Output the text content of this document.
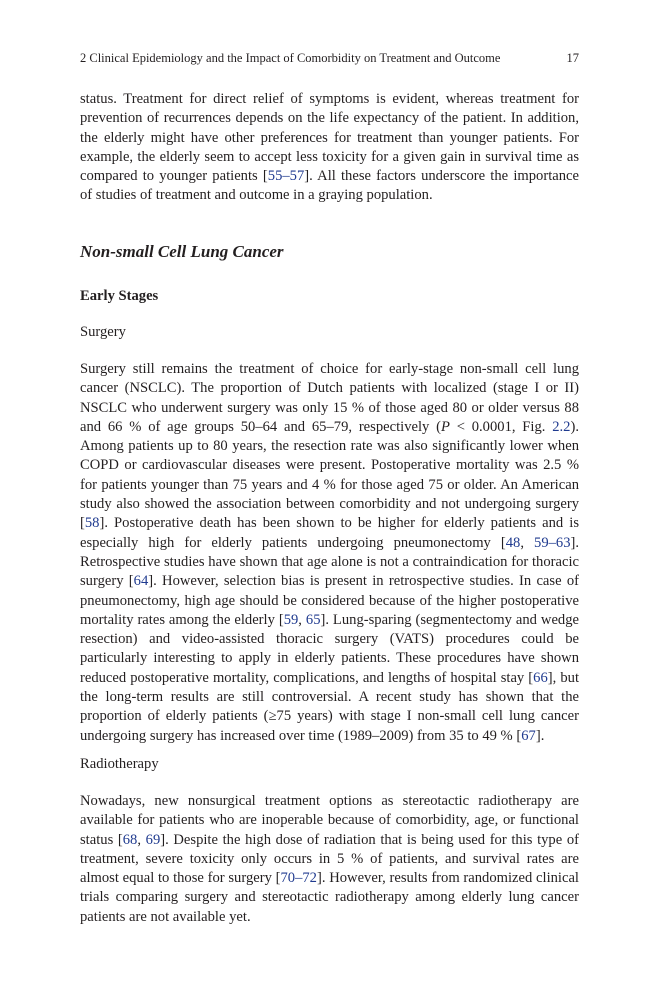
2 Clinical Epidemiology and the Impact of Comorbidity on Treatment and Outcome	17

status. Treatment for direct relief of symptoms is evident, whereas treatment for prevention of recurrences depends on the life expectancy of the patient. In addition, the elderly might have other preferences for treatment than younger patients. For example, the elderly seem to accept less toxicity for a given gain in survival time as compared to younger patients [55–57]. All these factors underscore the importance of studies of treatment and outcome in a graying population.

Non-small Cell Lung Cancer
Early Stages
Surgery

Surgery still remains the treatment of choice for early-stage non-small cell lung cancer (NSCLC). The proportion of Dutch patients with localized (stage I or II) NSCLC who underwent surgery was only 15 % of those aged 80 or older versus 88 and 66 % of age groups 50–64 and 65–79, respectively (P < 0.0001, Fig. 2.2). Among patients up to 80 years, the resection rate was also significantly lower when COPD or cardiovascular diseases were present. Postoperative mortality was 2.5 % for patients younger than 75 years and 4 % for those aged 75 or older. An American study also showed the association between comorbidity and not undergoing surgery [58]. Postoperative death has been shown to be higher for elderly patients and is especially high for elderly patients undergoing pneumonectomy [48, 59–63]. Retrospective studies have shown that age alone is not a contraindication for thoracic surgery [64]. However, selection bias is present in retrospective studies. In case of pneumonectomy, high age should be considered because of the higher postoperative mortality rates among the elderly [59, 65]. Lung-sparing (segmentectomy and wedge resection) and video-assisted thoracic surgery (VATS) procedures could be particularly interesting to apply in elderly patients. These procedures have shown reduced postoperative mortality, complications, and lengths of hospital stay [66], but the long-term results are still controversial. A recent study has shown that the proportion of elderly patients (≥75 years) with stage I non-small cell lung cancer undergoing surgery has increased over time (1989–2009) from 35 to 49 % [67].

Radiotherapy

Nowadays, new nonsurgical treatment options as stereotactic radiotherapy are available for patients who are inoperable because of comorbidity, age, or functional status [68, 69]. Despite the high dose of radiation that is being used for this type of treatment, severe toxicity only occurs in 5 % of patients, and survival rates are almost equal to those for surgery [70–72]. However, results from randomized clinical trials comparing surgery and stereotactic radiotherapy among elderly lung cancer patients are not available yet.
